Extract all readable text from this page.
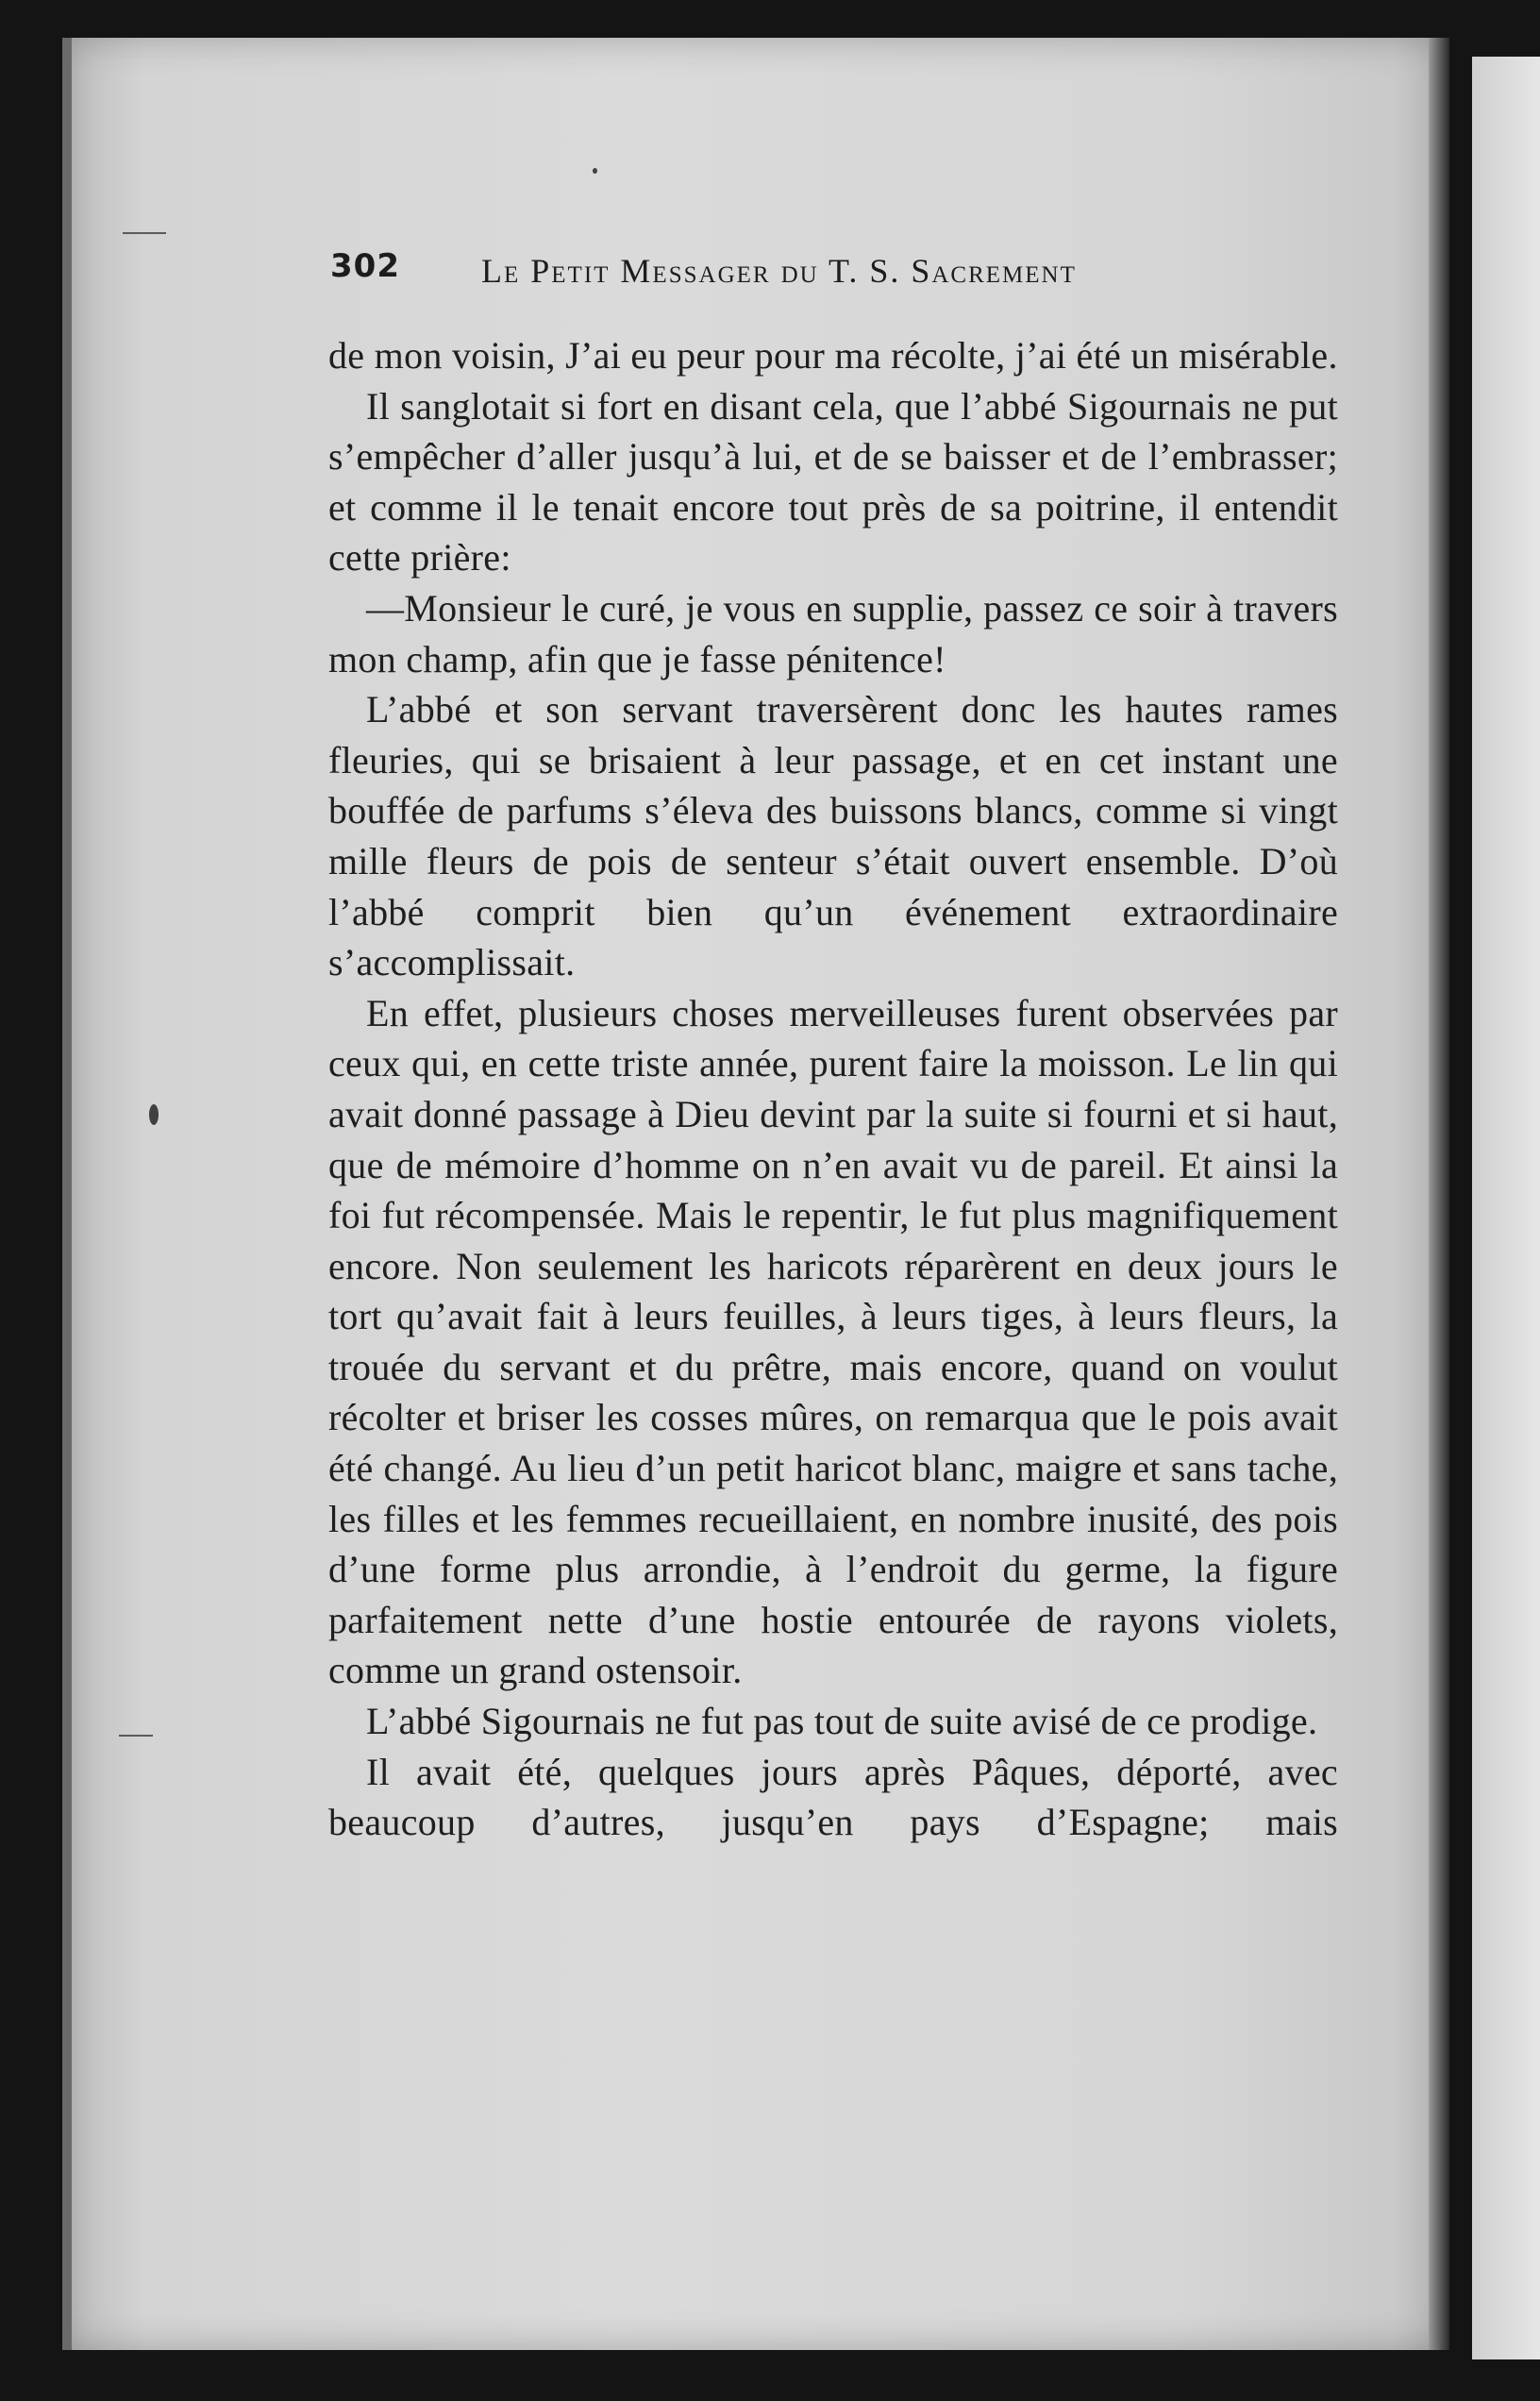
302 Le Petit Messager du T. S. Sacrement

de mon voisin, J’ai eu peur pour ma récolte, j’ai été un misérable.

Il sanglotait si fort en disant cela, que l’abbé Sigournais ne put s’empêcher d’aller jusqu’à lui, et de se baisser et de l’embrasser; et comme il le tenait encore tout près de sa poitrine, il entendit cette prière:

—Monsieur le curé, je vous en supplie, passez ce soir à travers mon champ, afin que je fasse pénitence!

L’abbé et son servant traversèrent donc les hautes rames fleuries, qui se brisaient à leur passage, et en cet instant une bouffée de parfums s’éleva des buissons blancs, comme si vingt mille fleurs de pois de senteur s’était ouvert ensemble. D’où l’abbé comprit bien qu’un événement extraordinaire s’accomplissait.

En effet, plusieurs choses merveilleuses furent observées par ceux qui, en cette triste année, purent faire la moisson. Le lin qui avait donné passage à Dieu devint par la suite si fourni et si haut, que de mémoire d’homme on n’en avait vu de pareil. Et ainsi la foi fut récompensée. Mais le repentir, le fut plus magnifiquement encore. Non seulement les haricots réparèrent en deux jours le tort qu’avait fait à leurs feuilles, à leurs tiges, à leurs fleurs, la trouée du servant et du prêtre, mais encore, quand on voulut récolter et briser les cosses mûres, on remarqua que le pois avait été changé. Au lieu d’un petit haricot blanc, maigre et sans tache, les filles et les femmes recueillaient, en nombre inusité, des pois d’une forme plus arrondie, à l’endroit du germe, la figure parfaitement nette d’une hostie entourée de rayons violets, comme un grand ostensoir.

L’abbé Sigournais ne fut pas tout de suite avisé de ce prodige.

Il avait été, quelques jours après Pâques, déporté, avec beaucoup d’autres, jusqu’en pays d’Espagne; mais
